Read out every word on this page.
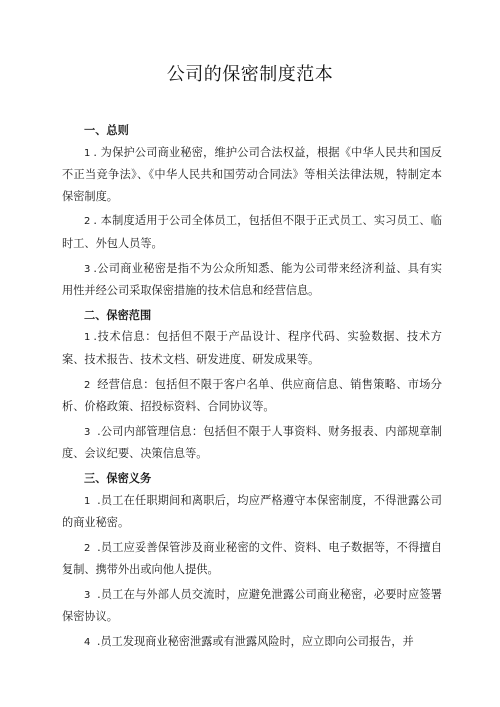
公司的保密制度范本
一、总则

1 . 为保护公司商业秘密，维护公司合法权益，根据《中华人民共和国反不正当竞争法》、《中华人民共和国劳动合同法》等相关法律法规，特制定本保密制度。

2 . 本制度适用于公司全体员工，包括但不限于正式员工、实习员工、临时工、外包人员等。

3 .公司商业秘密是指不为公众所知悉、能为公司带来经济利益、具有实用性并经公司采取保密措施的技术信息和经营信息。

二、保密范围

1 .技术信息：包括但不限于产品设计、程序代码、实验数据、技术方案、技术报告、技术文档、研发进度、研发成果等。

2 经营信息：包括但不限于客户名单、供应商信息、销售策略、市场分析、价格政策、招投标资料、合同协议等。

3 .公司内部管理信息：包括但不限于人事资料、财务报表、内部规章制度、会议纪要、决策信息等。

三、保密义务

1 .员工在任职期间和离职后，均应严格遵守本保密制度，不得泄露公司的商业秘密。

2 .员工应妥善保管涉及商业秘密的文件、资料、电子数据等，不得擅自复制、携带外出或向他人提供。

3 .员工在与外部人员交流时，应避免泄露公司商业秘密，必要时应签署保密协议。

4 .员工发现商业秘密泄露或有泄露风险时，应立即向公司报告，并
